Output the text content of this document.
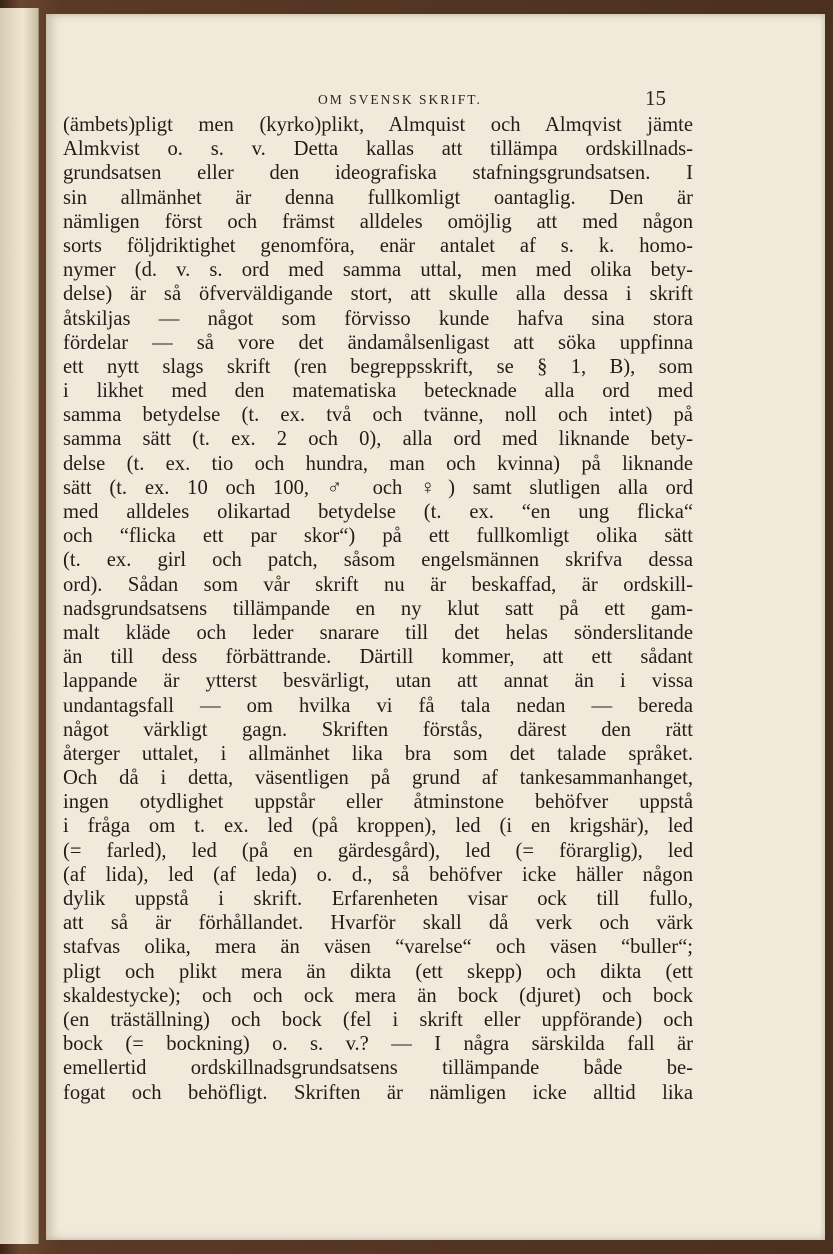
OM SVENSK SKRIFT.	15
(ämbets)pligt men (kyrko)plikt, Almquist och Almqvist jämte
Almkvist o. s. v. Detta kallas att tillämpa ordskillnads-
grundsatsen eller den ideografiska stafningsgrundsatsen. I
sin allmänhet är denna fullkomligt oantaglig. Den är
nämligen först och främst alldeles omöjlig att med någon
sorts följdriktighet genomföra, enär antalet af s. k. homo-
nymer (d. v. s. ord med samma uttal, men med olika bety-
delse) är så öfverväldigande stort, att skulle alla dessa i skrift
åtskiljas — något som förvisso kunde hafva sina stora
fördelar — så vore det ändamålsenligast att söka uppfinna
ett nytt slags skrift (ren begreppsskrift, se § 1, B), som
i likhet med den matematiska betecknade alla ord med
samma betydelse (t. ex. två och tvänne, noll och intet) på
samma sätt (t. ex. 2 och 0), alla ord med liknande bety-
delse (t. ex. tio och hundra, man och kvinna) på liknande
sätt (t. ex. 10 och 100, ♂ och ♀) samt slutligen alla ord
med alldeles olikartad betydelse (t. ex. “en ung flicka“
och “flicka ett par skor“) på ett fullkomligt olika sätt
(t. ex. girl och patch, såsom engelsmännen skrifva dessa
ord). Sådan som vår skrift nu är beskaffad, är ordskill-
nadsgrundsatsens tillämpande en ny klut satt på ett gam-
malt kläde och leder snarare till det helas sönderslitande
än till dess förbättrande. Därtill kommer, att ett sådant
lappande är ytterst besvärligt, utan att annat än i vissa
undantagsfall — om hvilka vi få tala nedan — bereda
något värkligt gagn. Skriften förstås, därest den rätt
återger uttalet, i allmänhet lika bra som det talade språket.
Och då i detta, väsentligen på grund af tankesammanhanget,
ingen otydlighet uppstår eller åtminstone behöfver uppstå
i fråga om t. ex. led (på kroppen), led (i en krigshär), led
(= farled), led (på en gärdesgård), led (= förarglig), led
(af lida), led (af leda) o. d., så behöfver icke häller någon
dylik uppstå i skrift. Erfarenheten visar ock till fullo,
att så är förhållandet. Hvarför skall då verk och värk
stafvas olika, mera än väsen “varelse“ och väsen “buller“;
pligt och plikt mera än dikta (ett skepp) och dikta (ett
skaldestycke); och och ock mera än bock (djuret) och bock
(en träställning) och bock (fel i skrift eller uppförande) och
bock (= bockning) o. s. v.? — I några särskilda fall är
emellertid ordskillnadsgrundsatsens tillämpande både be-
fogat och behöfligt. Skriften är nämligen icke alltid lika
